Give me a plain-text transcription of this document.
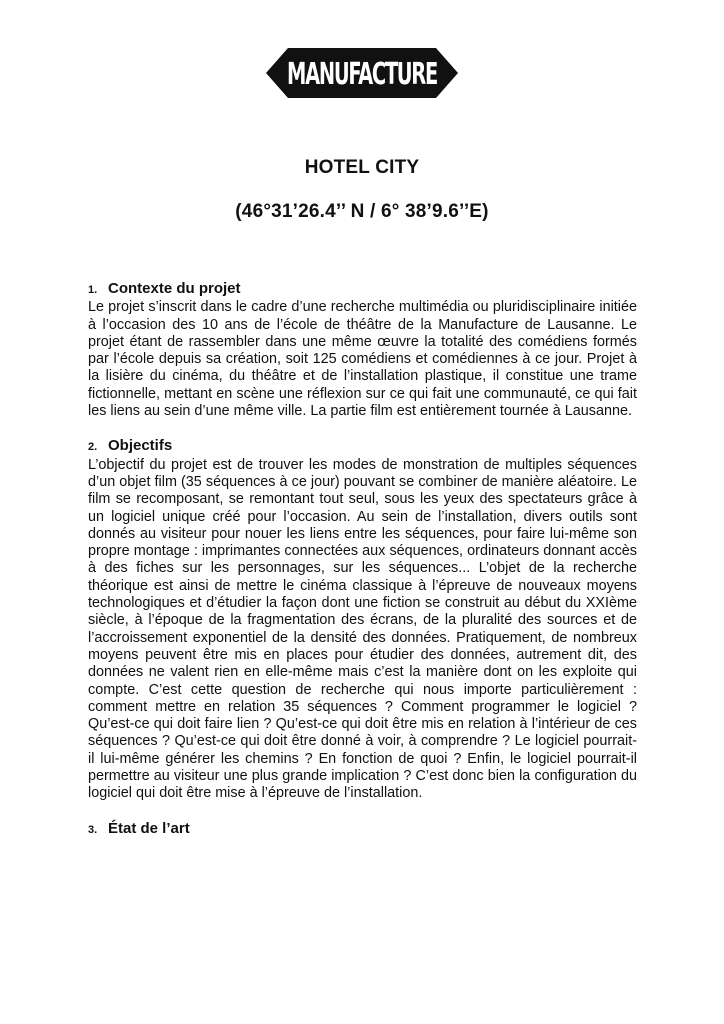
MANUFACTURE
HOTEL CITY
(46°31’26.4’’ N / 6° 38’9.6’’E)
1. Contexte du projet

Le projet s’inscrit dans le cadre d’une recherche multimédia ou pluridisciplinaire initiée à l’occasion des 10 ans de l’école de théâtre de la Manufacture de Lausanne. Le projet étant de rassembler dans une même œuvre la totalité des comédiens formés par l’école depuis sa création, soit 125 comédiens et comédiennes à ce jour. Projet à la lisière du cinéma, du théâtre et de l’installation plastique, il constitue une trame fictionnelle, mettant en scène une réflexion sur ce qui fait une communauté, ce qui fait les liens au sein d’une même ville. La partie film est entièrement tournée à Lausanne.

2. Objectifs

L’objectif du projet est de trouver les modes de monstration de multiples séquences d’un objet film (35 séquences à ce jour) pouvant se combiner de manière aléatoire. Le film se recomposant, se remontant tout seul, sous les yeux des spectateurs grâce à un logiciel unique créé pour l’occasion. Au sein de l’installation, divers outils sont donnés au visiteur pour nouer les liens entre les séquences, pour faire lui-même son propre montage : imprimantes connectées aux séquences, ordinateurs donnant accès à des fiches sur les personnages, sur les séquences... L’objet de la recherche théorique est ainsi de mettre le cinéma classique à l’épreuve de nouveaux moyens technologiques et d’étudier la façon dont une fiction se construit au début du XXIème siècle, à l’époque de la fragmentation des écrans, de la pluralité des sources et de l’accroissement exponentiel de la densité des données. Pratiquement, de nombreux moyens peuvent être mis en places pour étudier des données, autrement dit, des données ne valent rien en elle-même mais c’est la manière dont on les exploite qui compte. C’est cette question de recherche qui nous importe particulièrement : comment mettre en relation 35 séquences ? Comment programmer le logiciel ? Qu’est-ce qui doit faire lien ? Qu’est-ce qui doit être mis en relation à l’intérieur de ces séquences ? Qu’est-ce qui doit être donné à voir, à comprendre ? Le logiciel pourrait-il lui-même générer les chemins ? En fonction de quoi ? Enfin, le logiciel pourrait-il permettre au visiteur une plus grande implication ? C’est donc bien la configuration du logiciel qui doit être mise à l’épreuve de l’installation.

3. État de l’art
